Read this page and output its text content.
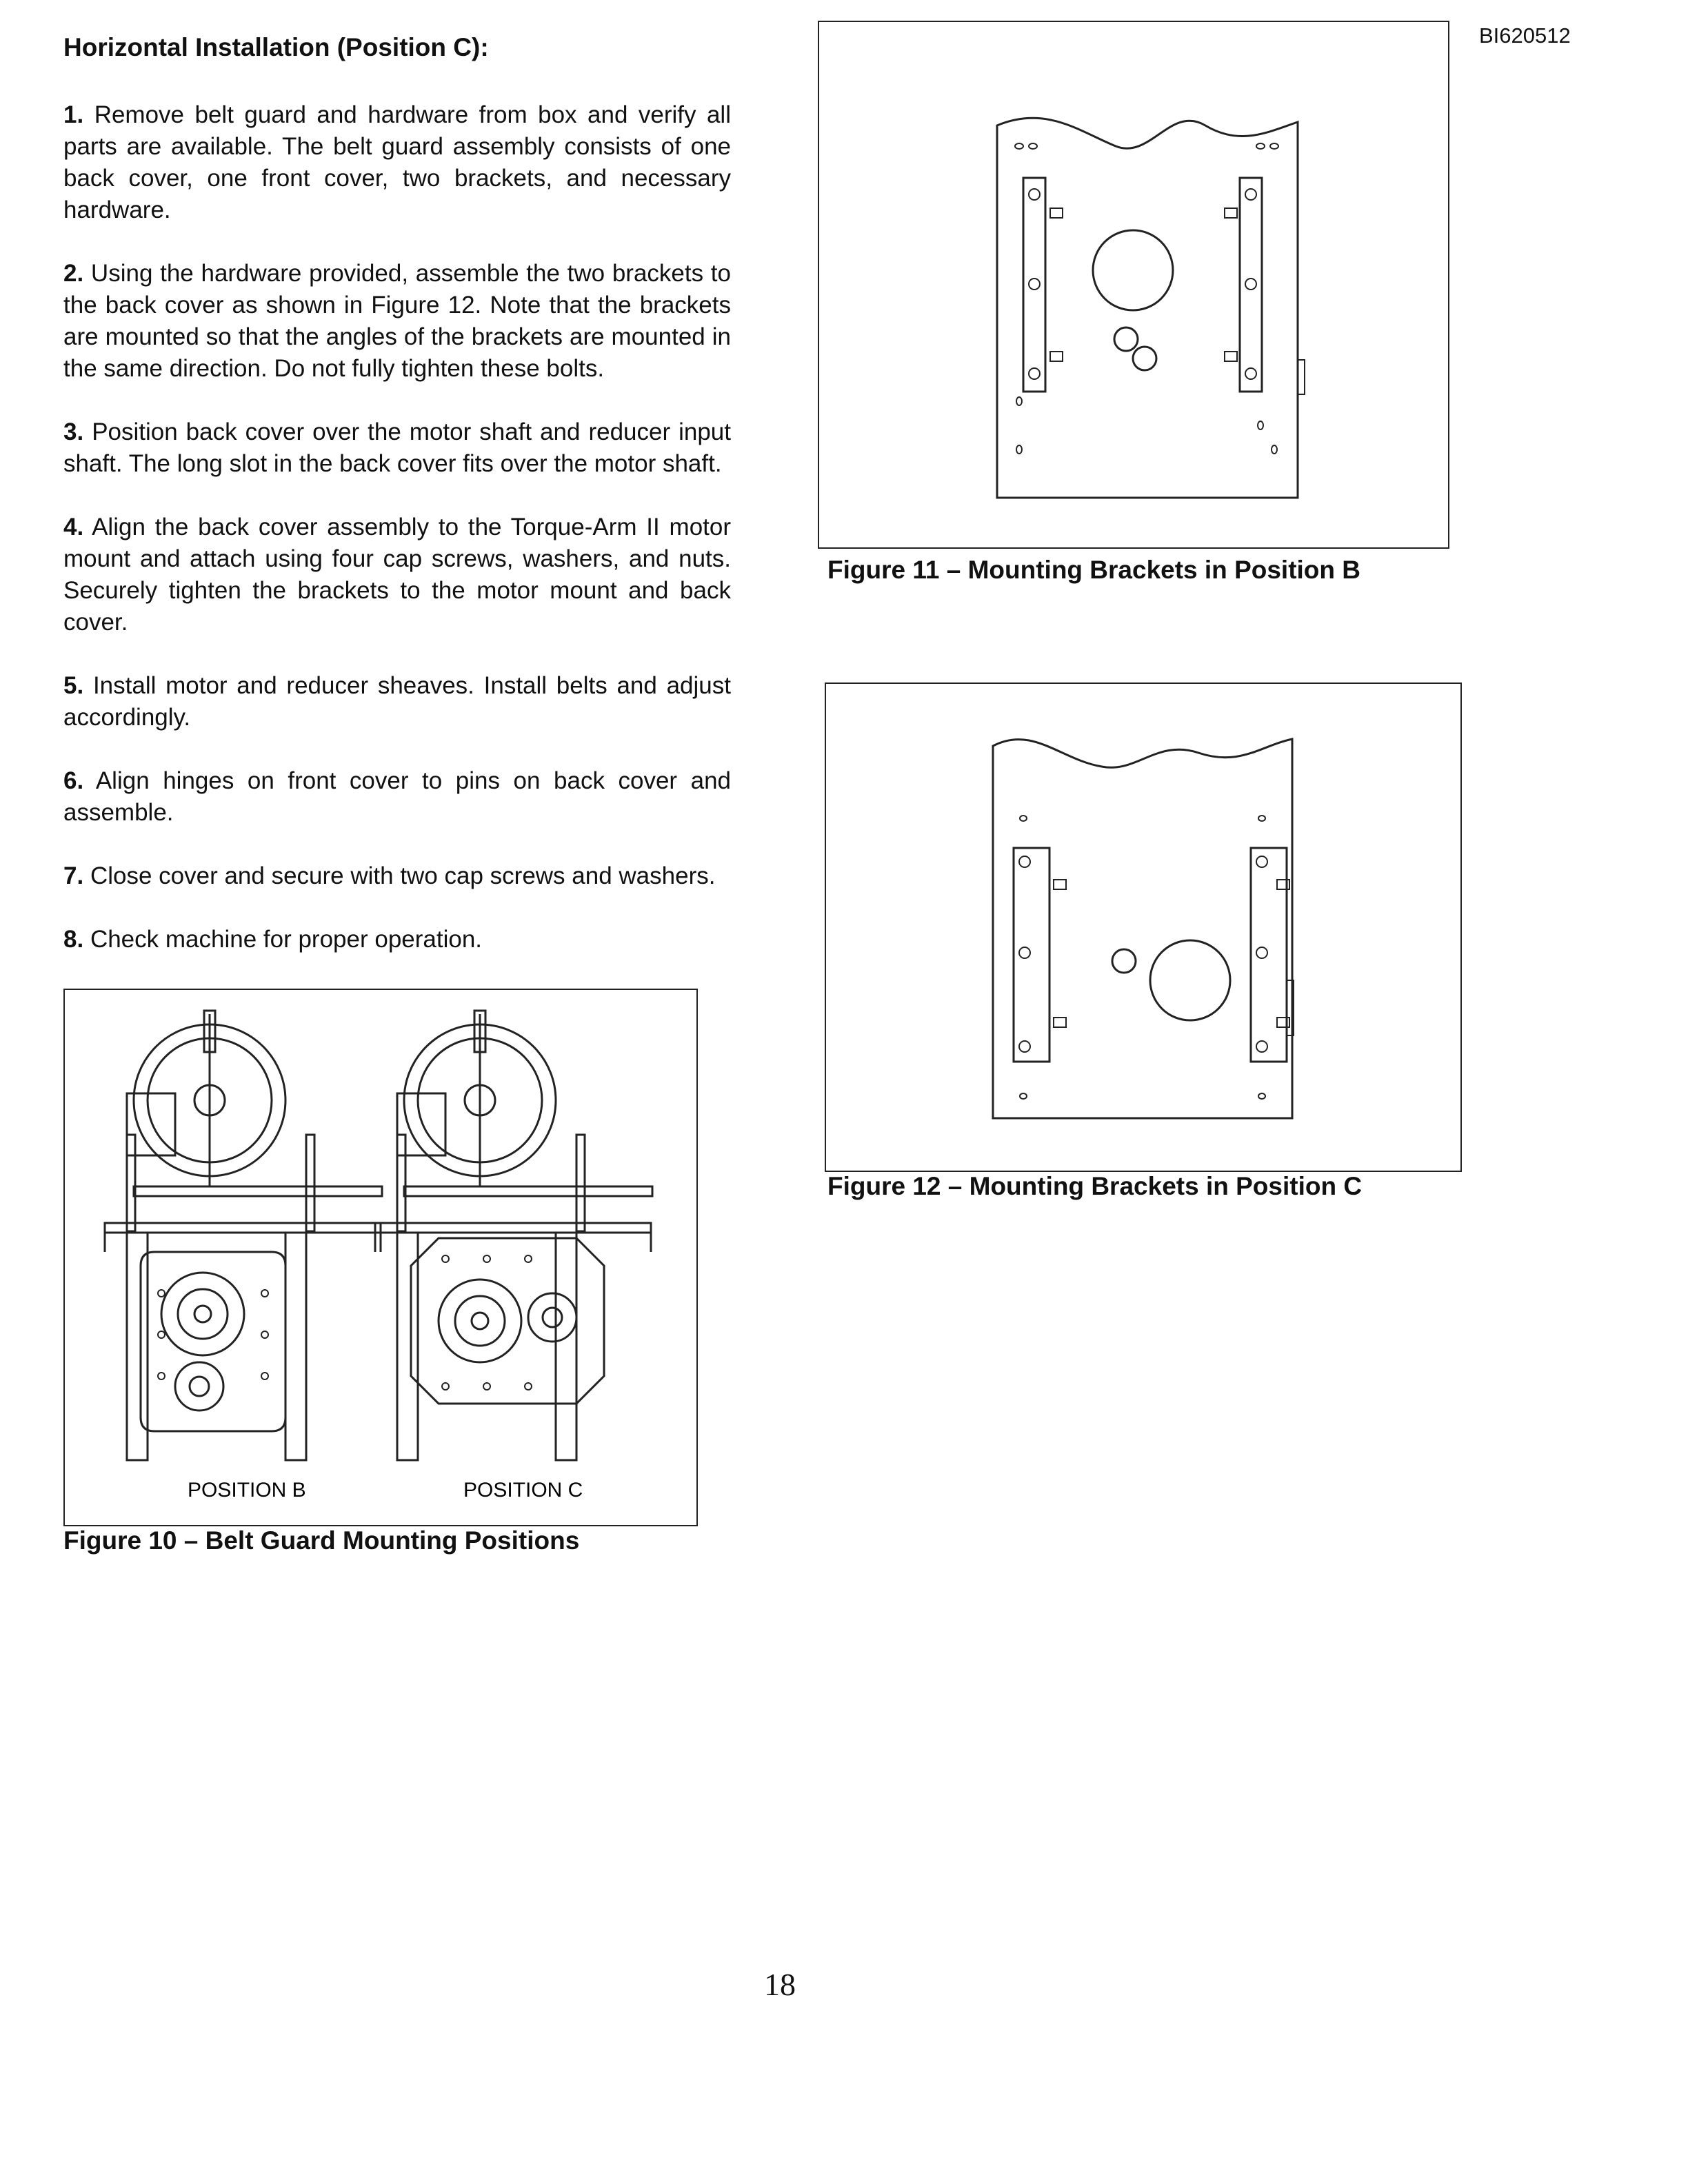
BI620512
Horizontal Installation (Position C):
1. Remove belt guard and hardware from box and verify all parts are available. The belt guard assembly consists of one back cover, one front cover, two brackets, and necessary hardware.
2. Using the hardware provided, assemble the two brackets to the back cover as shown in Figure 12. Note that the brackets are mounted so that the angles of the brackets are mounted in the same direction. Do not fully tighten these bolts.
3. Position back cover over the motor shaft and reducer input shaft. The long slot in the back cover fits over the motor shaft.
4. Align the back cover assembly to the Torque-Arm II motor mount and attach using four cap screws, washers, and nuts. Securely tighten the brackets to the motor mount and back cover.
5. Install motor and reducer sheaves. Install belts and adjust accordingly.
6. Align hinges on front cover to pins on back cover and assemble.
7. Close cover and secure with two cap screws and washers.
8. Check machine for proper operation.
POSITION B	POSITION C
Figure 10 – Belt Guard Mounting Positions
Figure 11 – Mounting Brackets in Position B
Figure 12 – Mounting Brackets in Position C
18
